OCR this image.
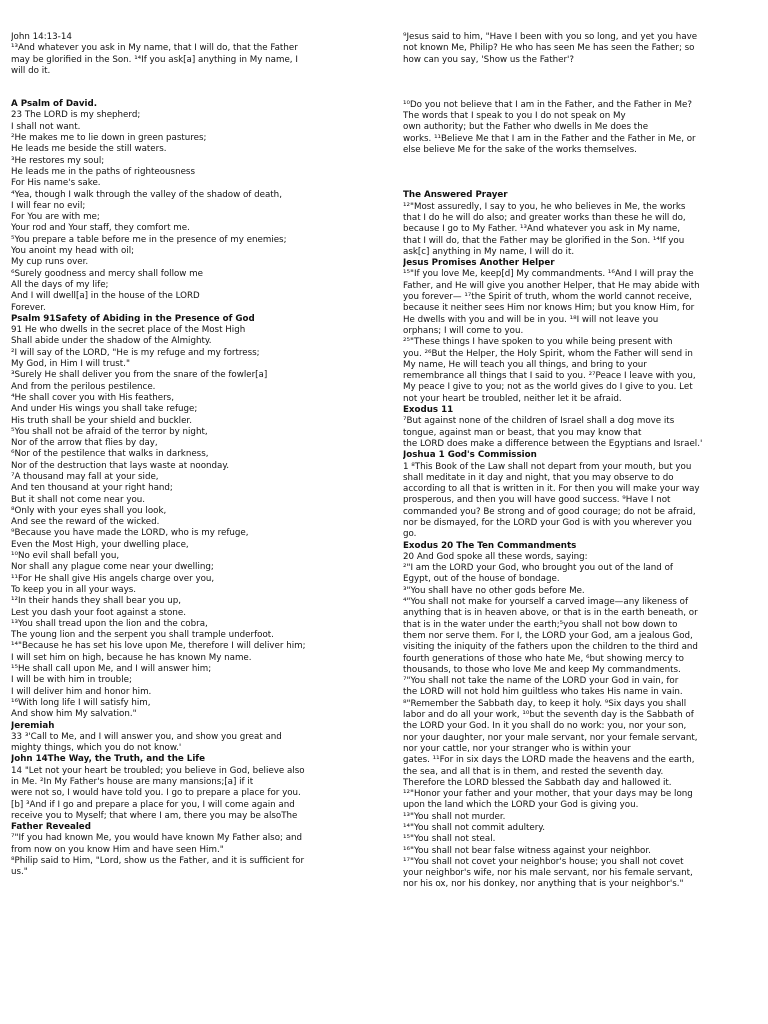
John 14:13-14
¹³And whatever you ask in My name, that I will do, that the Father
may be glorified in the Son. ¹⁴If you ask[a] anything in My name, I
will do it.
A Psalm of David.
23 The LORD is my shepherd;
I shall not want.
²He makes me to lie down in green pastures;
He leads me beside the still waters.
³He restores my soul;
He leads me in the paths of righteousness
For His name's sake.
⁴Yea, though I walk through the valley of the shadow of death,
I will fear no evil;
For You are with me;
Your rod and Your staff, they comfort me.
⁵You prepare a table before me in the presence of my enemies;
You anoint my head with oil;
My cup runs over.
⁶Surely goodness and mercy shall follow me
All the days of my life;
And I will dwell[a] in the house of the LORD
Forever.
Psalm 91Safety of Abiding in the Presence of God
91 He who dwells in the secret place of the Most High
Shall abide under the shadow of the Almighty.
²I will say of the LORD, "He is my refuge and my fortress;
My God, in Him I will trust."
³Surely He shall deliver you from the snare of the fowler[a]
And from the perilous pestilence.
⁴He shall cover you with His feathers,
And under His wings you shall take refuge;
His truth shall be your shield and buckler.
⁵You shall not be afraid of the terror by night,
Nor of the arrow that flies by day,
⁶Nor of the pestilence that walks in darkness,
Nor of the destruction that lays waste at noonday.
⁷A thousand may fall at your side,
And ten thousand at your right hand;
But it shall not come near you.
⁸Only with your eyes shall you look,
And see the reward of the wicked.
⁹Because you have made the LORD, who is my refuge,
Even the Most High, your dwelling place,
¹⁰No evil shall befall you,
Nor shall any plague come near your dwelling;
¹¹For He shall give His angels charge over you,
To keep you in all your ways.
¹²In their hands they shall bear you up,
Lest you dash your foot against a stone.
¹³You shall tread upon the lion and the cobra,
The young lion and the serpent you shall trample underfoot.
¹⁴"Because he has set his love upon Me, therefore I will deliver him;
I will set him on high, because he has known My name.
¹⁵He shall call upon Me, and I will answer him;
I will be with him in trouble;
I will deliver him and honor him.
¹⁶With long life I will satisfy him,
And show him My salvation."
Jeremiah
33 ³'Call to Me, and I will answer you, and show you great and
mighty things, which you do not know.'
John 14The Way, the Truth, and the Life
14 "Let not your heart be troubled; you believe in God, believe also
in Me. ²In My Father's house are many mansions;[a] if it
were not so, I would have told you. I go to prepare a place for you.
[b] ³And if I go and prepare a place for you, I will come again and
receive you to Myself; that where I am, there you may be alsoThe
Father Revealed
⁷"If you had known Me, you would have known My Father also; and
from now on you know Him and have seen Him."
⁸Philip said to Him, "Lord, show us the Father, and it is sufficient for
us."
⁹Jesus said to him, "Have I been with you so long, and yet you have
not known Me, Philip? He who has seen Me has seen the Father; so
how can you say, 'Show us the Father'?
¹⁰Do you not believe that I am in the Father, and the Father in Me?
The words that I speak to you I do not speak on My
own authority; but the Father who dwells in Me does the
works. ¹¹Believe Me that I am in the Father and the Father in Me, or
else believe Me for the sake of the works themselves.
The Answered Prayer
¹²"Most assuredly, I say to you, he who believes in Me, the works
that I do he will do also; and greater works than these he will do,
because I go to My Father. ¹³And whatever you ask in My name,
that I will do, that the Father may be glorified in the Son. ¹⁴If you
ask[c] anything in My name, I will do it.
Jesus Promises Another Helper
¹⁵"If you love Me, keep[d] My commandments. ¹⁶And I will pray the
Father, and He will give you another Helper, that He may abide with
you forever— ¹⁷the Spirit of truth, whom the world cannot receive,
because it neither sees Him nor knows Him; but you know Him, for
He dwells with you and will be in you. ¹⁸I will not leave you
orphans; I will come to you.
²⁵"These things I have spoken to you while being present with
you. ²⁶But the Helper, the Holy Spirit, whom the Father will send in
My name, He will teach you all things, and bring to your
remembrance all things that I said to you. ²⁷Peace I leave with you,
My peace I give to you; not as the world gives do I give to you. Let
not your heart be troubled, neither let it be afraid.
Exodus 11
⁷But against none of the children of Israel shall a dog move its
tongue, against man or beast, that you may know that
the LORD does make a difference between the Egyptians and Israel.'
Joshua 1 God's Commission
1 ⁸This Book of the Law shall not depart from your mouth, but you
shall meditate in it day and night, that you may observe to do
according to all that is written in it. For then you will make your way
prosperous, and then you will have good success. ⁹Have I not
commanded you? Be strong and of good courage; do not be afraid,
nor be dismayed, for the LORD your God is with you wherever you
go.
Exodus 20 The Ten Commandments
20 And God spoke all these words, saying:
²"I am the LORD your God, who brought you out of the land of
Egypt, out of the house of bondage.
³"You shall have no other gods before Me.
⁴"You shall not make for yourself a carved image—any likeness of
anything that is in heaven above, or that is in the earth beneath, or
that is in the water under the earth;⁵you shall not bow down to
them nor serve them. For I, the LORD your God, am a jealous God,
visiting the iniquity of the fathers upon the children to the third and
fourth generations of those who hate Me, ⁶but showing mercy to
thousands, to those who love Me and keep My commandments.
⁷"You shall not take the name of the LORD your God in vain, for
the LORD will not hold him guiltless who takes His name in vain.
⁸"Remember the Sabbath day, to keep it holy. ⁹Six days you shall
labor and do all your work, ¹⁰but the seventh day is the Sabbath of
the LORD your God. In it you shall do no work: you, nor your son,
nor your daughter, nor your male servant, nor your female servant,
nor your cattle, nor your stranger who is within your
gates. ¹¹For in six days the LORD made the heavens and the earth,
the sea, and all that is in them, and rested the seventh day.
Therefore the LORD blessed the Sabbath day and hallowed it.
¹²"Honor your father and your mother, that your days may be long
upon the land which the LORD your God is giving you.
¹³"You shall not murder.
¹⁴"You shall not commit adultery.
¹⁵"You shall not steal.
¹⁶"You shall not bear false witness against your neighbor.
¹⁷"You shall not covet your neighbor's house; you shall not covet
your neighbor's wife, nor his male servant, nor his female servant,
nor his ox, nor his donkey, nor anything that is your neighbor's."
